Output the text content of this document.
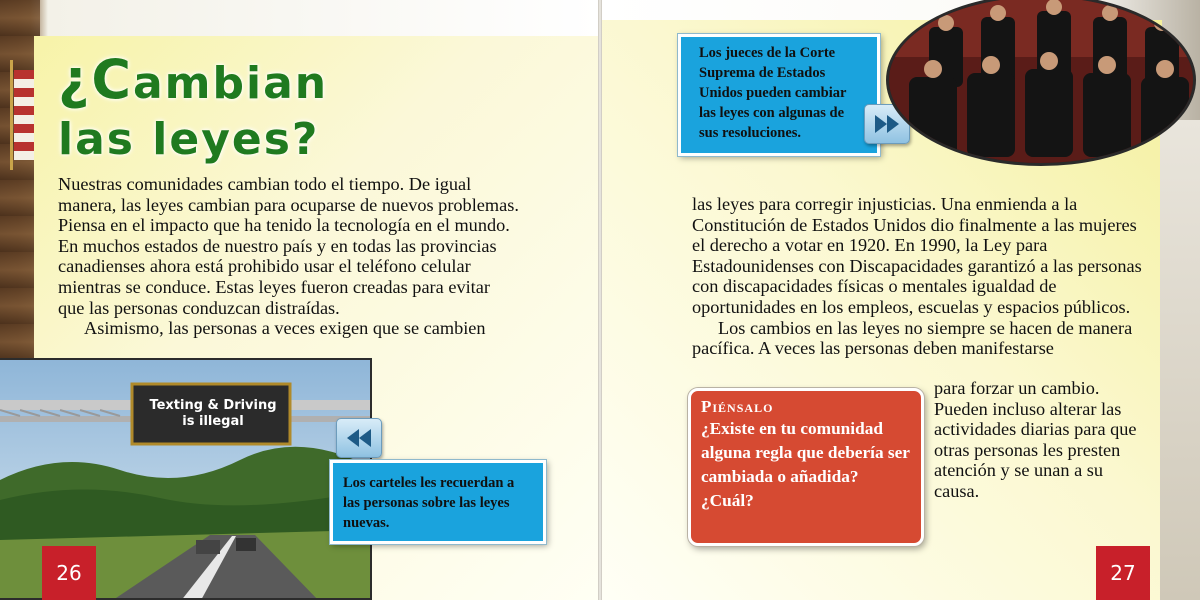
¿Cambian
las leyes?
Nuestras comunidades cambian todo el tiempo. De igual manera, las leyes cambian para ocuparse de nuevos problemas. Piensa en el impacto que ha tenido la tecnología en el mundo. En muchos estados de nuestro país y en todas las provincias canadienses ahora está prohibido usar el teléfono celular mientras se conduce. Estas leyes fueron creadas para evitar que las personas conduzcan distraídas.
Asimismo, las personas a veces exigen que se cambien
Texting & Driving
is illegal
Los carteles les recuerdan a las personas sobre las leyes nuevas.
26
Los jueces de la Corte Suprema de Estados Unidos pueden cambiar las leyes con algunas de sus resoluciones.
las leyes para corregir injusticias. Una enmienda a la Constitución de Estados Unidos dio finalmente a las mujeres el derecho a votar en 1920. En 1990, la Ley para Estadounidenses con Discapacidades garantizó a las personas con discapacidades físicas o mentales igualdad de oportunidades en los empleos, escuelas y espacios públicos.
Los cambios en las leyes no siempre se hacen de manera pacífica. A veces las personas deben manifestarse
para forzar un cambio. Pueden incluso alterar las actividades diarias para que otras personas les presten atención y se unan a su causa.
Piénsalo
¿Existe en tu comunidad alguna regla que debería ser cambiada o añadida? ¿Cuál?
27
